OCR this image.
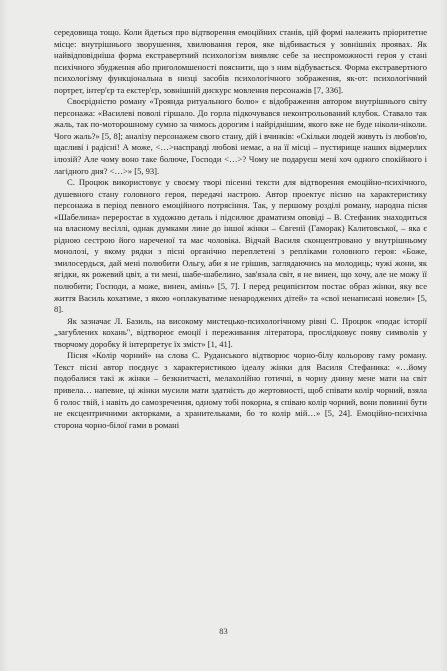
середовища тощо. Коли йдеться про відтворення емоційних станів, цій формі належить пріоритетне місце: внутрішнього зворушення, хвилювання героя, яке відбивається у зовнішніх проявах. Як найвідповідніша форма екстравертний психологізм виявляє себе за неспроможності героя у стані психічного збудження або приголомшеності пояснити, що з ним відбувається. Форма екстравертного психологізму функціональна в низці засобів психологічного зображення, як-от: психологічний портрет, інтер'єр та екстер'єр, зовнішній дискурс мовлення персонажів [7, 336].

Своєрідністю роману «Троянда ритуального болю» є відображення автором внутрішнього світу персонажа: «Василеві поволі гіршало. До горла підкочувався неконтрольований клубок. Ставало так жаль, так по-моторошному сумно за чимось дорогим і найріднішим, якого вже не буде ніколи-ніколи. Чого жаль?» [5, 8]; аналізу персонажем свого стану, дій і вчинків: «Скільки людей живуть із любов'ю, щасливі і радісні! А може, <…>насправді любові немає, а на її місці – пустирище наших відмерлих ілюзій? Але чому воно таке болюче, Господи <…>? Чому не подаруєш мені хоч одного спокійного і лагідного дня? <…>» [5, 93].

С. Процюк використовує у своєму творі пісенні тексти для відтворення емоційно-психічного, душевного стану головного героя, передачі настрою. Автор проектує пісню на характеристику персонажа в період певного емоційного потрясіння. Так, у першому розділі роману, народна пісня «Шабелина» переростає в художню деталь і підсилює драматизм оповіді – В. Стефаник знаходиться на власному весіллі, однак думками лине до іншої жінки – Євгенії (Гаморак) Калитовської, – яка є рідною сестрою його нареченої та має чоловіка. Відчай Василя сконцентровано у внутрішньому монолозі, у якому рядки з пісні органічно переплетені з репліками головного героя: «Боже, змилосердься, дай мені полюбити Ольгу, аби я не грішив, заглядаючись на молодиць; чужі жони, як ягідки, як рожевий цвіт, а ти мені, шабе-шабелино, зав'язала світ, я не винен, що хочу, але не можу її полюбити; Господи, а може, винен, амінь» [5, 7]. І перед реципієнтом постає образ жінки, яку все життя Василь кохатиме, з якою «оплакуватиме ненароджених дітей» та «свої ненаписані новели» [5, 8].

Як зазначає Л. Базиль, на високому мистецько-психологічному рівні С. Процюк «подає історії „загублених кохань", відтворює емоції і переживання літератора, прослідковує появу символів у творчому доробку й інтерпретує їх зміст» [1, 41].

Пісня «Колір чорний» на слова С. Руданського відтворює чорно-білу кольорову гаму роману. Текст пісні автор поєднує з характеристикою ідеалу жінки для Василя Стефаника: «…йому подобалися такі ж жінки – безкнитчасті, мелахолійно готичні, в чорну днину мене мати на світ привела… напевне, ці жінки мусили мати здатність до жертовності, щоб співати колір чорний, взяла б голос твій, і навіть до самозречення, одному тобі покорна, я співаю колір чорний, вони повинні бути не ексцентричними акторками, а хранительками, бо то колір мій…» [5, 24]. Емоційно-психічна сторона чорно-білої гами в романі

83
